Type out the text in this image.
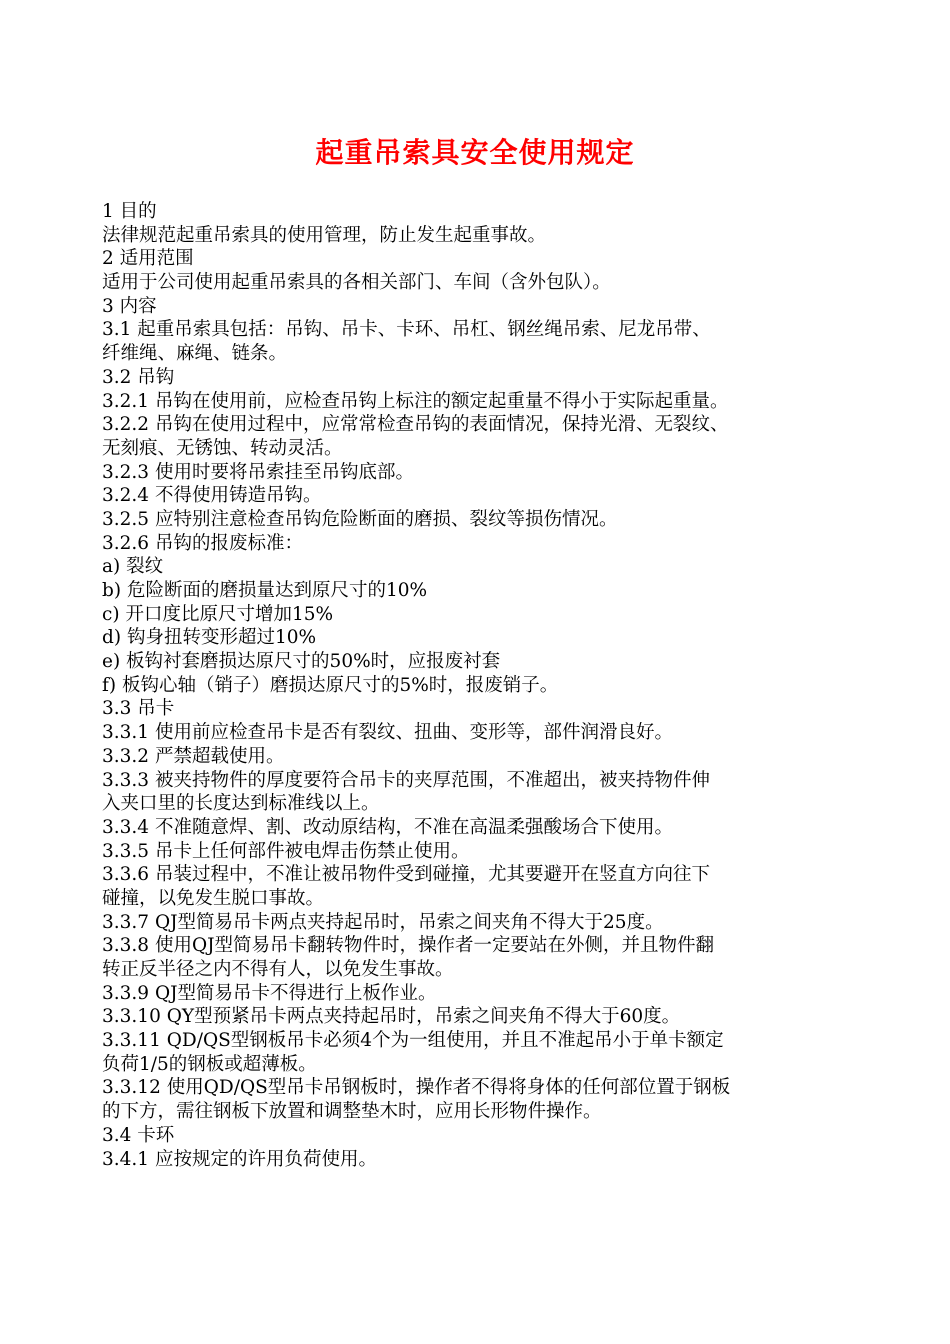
起重吊索具安全使用规定
1 目的
法律规范起重吊索具的使用管理，防止发生起重事故。
2 适用范围
适用于公司使用起重吊索具的各相关部门、车间（含外包队）。
3 内容
3.1 起重吊索具包括：吊钩、吊卡、卡环、吊杠、钢丝绳吊索、尼龙吊带、
纤维绳、麻绳、链条。
3.2 吊钩
3.2.1 吊钩在使用前，应检查吊钩上标注的额定起重量不得小于实际起重量。
3.2.2 吊钩在使用过程中，应常常检查吊钩的表面情况，保持光滑、无裂纹、
无刻痕、无锈蚀、转动灵活。
3.2.3 使用时要将吊索挂至吊钩底部。
3.2.4 不得使用铸造吊钩。
3.2.5 应特别注意检查吊钩危险断面的磨损、裂纹等损伤情况。
3.2.6 吊钩的报废标准：
a) 裂纹
b) 危险断面的磨损量达到原尺寸的10%
c) 开口度比原尺寸增加15%
d) 钩身扭转变形超过10%
e) 板钩衬套磨损达原尺寸的50%时，应报废衬套
f) 板钩心轴（销子）磨损达原尺寸的5%时，报废销子。
3.3 吊卡
3.3.1 使用前应检查吊卡是否有裂纹、扭曲、变形等，部件润滑良好。
3.3.2 严禁超载使用。
3.3.3 被夹持物件的厚度要符合吊卡的夹厚范围，不准超出，被夹持物件伸
入夹口里的长度达到标准线以上。
3.3.4 不准随意焊、割、改动原结构，不准在高温柔强酸场合下使用。
3.3.5 吊卡上任何部件被电焊击伤禁止使用。
3.3.6 吊装过程中，不准让被吊物件受到碰撞，尤其要避开在竖直方向往下
碰撞，以免发生脱口事故。
3.3.7 QJ型简易吊卡两点夹持起吊时，吊索之间夹角不得大于25度。
3.3.8 使用QJ型简易吊卡翻转物件时，操作者一定要站在外侧，并且物件翻
转正反半径之内不得有人，以免发生事故。
3.3.9 QJ型简易吊卡不得进行上板作业。
3.3.10 QY型预紧吊卡两点夹持起吊时，吊索之间夹角不得大于60度。
3.3.11 QD/QS型钢板吊卡必须4个为一组使用，并且不准起吊小于单卡额定
负荷1/5的钢板或超薄板。
3.3.12 使用QD/QS型吊卡吊钢板时，操作者不得将身体的任何部位置于钢板
的下方，需往钢板下放置和调整垫木时，应用长形物件操作。
3.4 卡环
3.4.1 应按规定的许用负荷使用。
